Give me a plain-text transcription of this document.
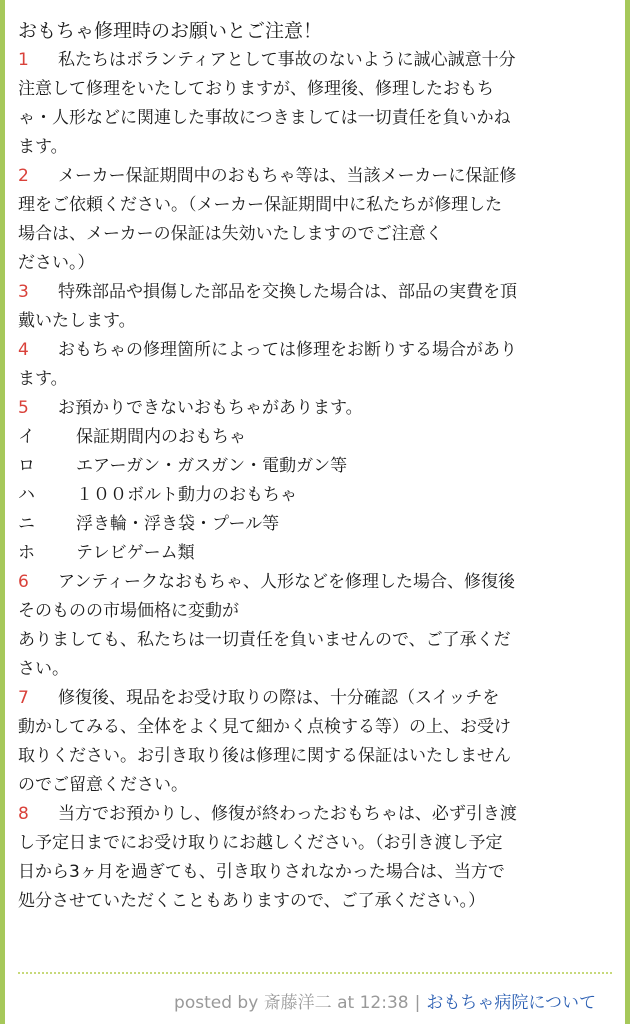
おもちゃ修理時のお願いとご注意！
1 私たちはボランティアとして事故のないように誠心誠意十分
注意して修理をいたしておりますが、修理後、修理したおもち
ゃ・人形などに関連した事故につきましては一切責任を負いかね
ます。
2 メーカー保証期間中のおもちゃ等は、当該メーカーに保証修
理をご依頼ください。（メーカー保証期間中に私たちが修理した
場合は、メーカーの保証は失効いたしますのでご注意く
ださい。）
3 特殊部品や損傷した部品を交換した場合は、部品の実費を頂
戴いたします。
4 おもちゃの修理箇所によっては修理をお断りする場合があり
ます。
5 お預かりできないおもちゃがあります。
イ 保証期間内のおもちゃ
ロ エアーガン・ガスガン・電動ガン等
ハ １００ボルト動力のおもちゃ
ニ 浮き輪・浮き袋・プール等
ホ テレビゲーム類
6 アンティークなおもちゃ、人形などを修理した場合、修復後
そのものの市場価格に変動が
ありましても、私たちは一切責任を負いませんので、ご了承くだ
さい。
7 修復後、現品をお受け取りの際は、十分確認（スイッチを
動かしてみる、全体をよく見て細かく点検する等）の上、お受け
取りください。お引き取り後は修理に関する保証はいたしません
のでご留意ください。
8 当方でお預かりし、修復が終わったおもちゃは、必ず引き渡
し予定日までにお受け取りにお越しください。（お引き渡し予定
日から3ヶ月を過ぎても、引き取りされなかった場合は、当方で
処分させていただくこともありますので、ご了承ください。）
posted by 斎藤洋二 at 12:38 | おもちゃ病院について
